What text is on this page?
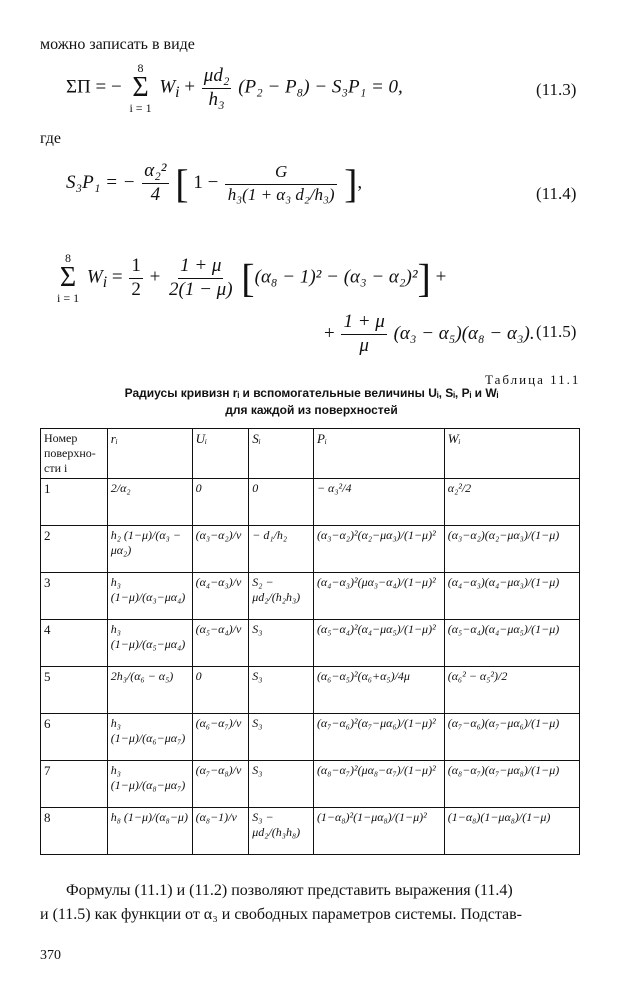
можно записать в виде
ΣΠ = −
8
Σ
i = 1
$W_i + \frac{\text{μd₂}}{\text{h₃}} (P_2 - P_8) - S_3P_1 = 0$,	(11.3)
где
S₃P₁ = − $\frac{\text{α₂²}}{4}$ [ $1 - \frac{G}{\text{h₃(1 + α₃ d₂/h₃)}}$ ],
(11.4)
8
Σ
i = 1
$W_i = \frac{1}{2} + \frac{1 + \mu}{2(1 - \mu)} [(\alpha_8 - 1)^2 - (\alpha_3 - \alpha_2)^2]$ +
+ $\frac{1 + \mu}{\mu} (\alpha_3 - \alpha_5)(\alpha_8 - \alpha_3)$. (11.5)
Таблица 11.1
Радиусы кривизн rᵢ и вспомогательные величины Uᵢ, Sᵢ, Pᵢ и Wᵢ
для каждой из поверхностей
Номер поверхности i	rᵢ	Uᵢ	Sᵢ	Pᵢ	Wᵢ
1	2/α₂	0	0	− α₃²/4	α₂²/2
2	h₂ (1−μ)/(α₃ − μα₂)	(α₃−α₂)/ν	− d₁/h₂	(α₃−α₂)²(α₂−μα₃)/(1−μ)²	(α₃−α₂)(α₂−μα₃)/(1−μ)
3	h₃ (1−μ)/(α₃−μα₄)	(α₄−α₃)/ν	S₂ − μd₂/(h₂h₃)	(α₄−α₃)²(μα₃−α₄)/(1−μ)²	(α₄−α₃)(α₄−μα₃)/(1−μ)
4	h₃ (1−μ)/(α₅−μα₄)	(α₅−α₄)/ν	S₃	(α₅−α₄)²(α₄−μα₅)/(1−μ)²	(α₅−α₄)(α₄−μα₅)/(1−μ)
5	2h₃/(α₆ − α₅)	0	S₃	(α₆−α₅)²(α₆+α₅)/4μ	(α₆² − α₅²)/2
6	h₃ (1−μ)/(α₆−μα₇)	(α₆−α₇)/ν	S₃	(α₇−α₆)²(α₇−μα₆)/(1−μ)²	(α₇−α₆)(α₇−μα₆)/(1−μ)
7	h₃ (1−μ)/(α₈−μα₇)	(α₇−α₈)/ν	S₃	(α₈−α₇)²(μα₈−α₇)/(1−μ)²	(α₈−α₇)(α₇−μα₈)/(1−μ)
8	h₈ (1−μ)/(α₈−μ)	(α₈−1)/ν	S₃ − μd₂/(h₃h₈)	(1−α₈)²(1−μα₈)/(1−μ)²	(1−α₈)(1−μα₈)/(1−μ)
Формулы (11.1) и (11.2) позволяют представить выражения (11.4)
и (11.5) как функции от α₃ и свободных параметров системы. Подстав-
370
